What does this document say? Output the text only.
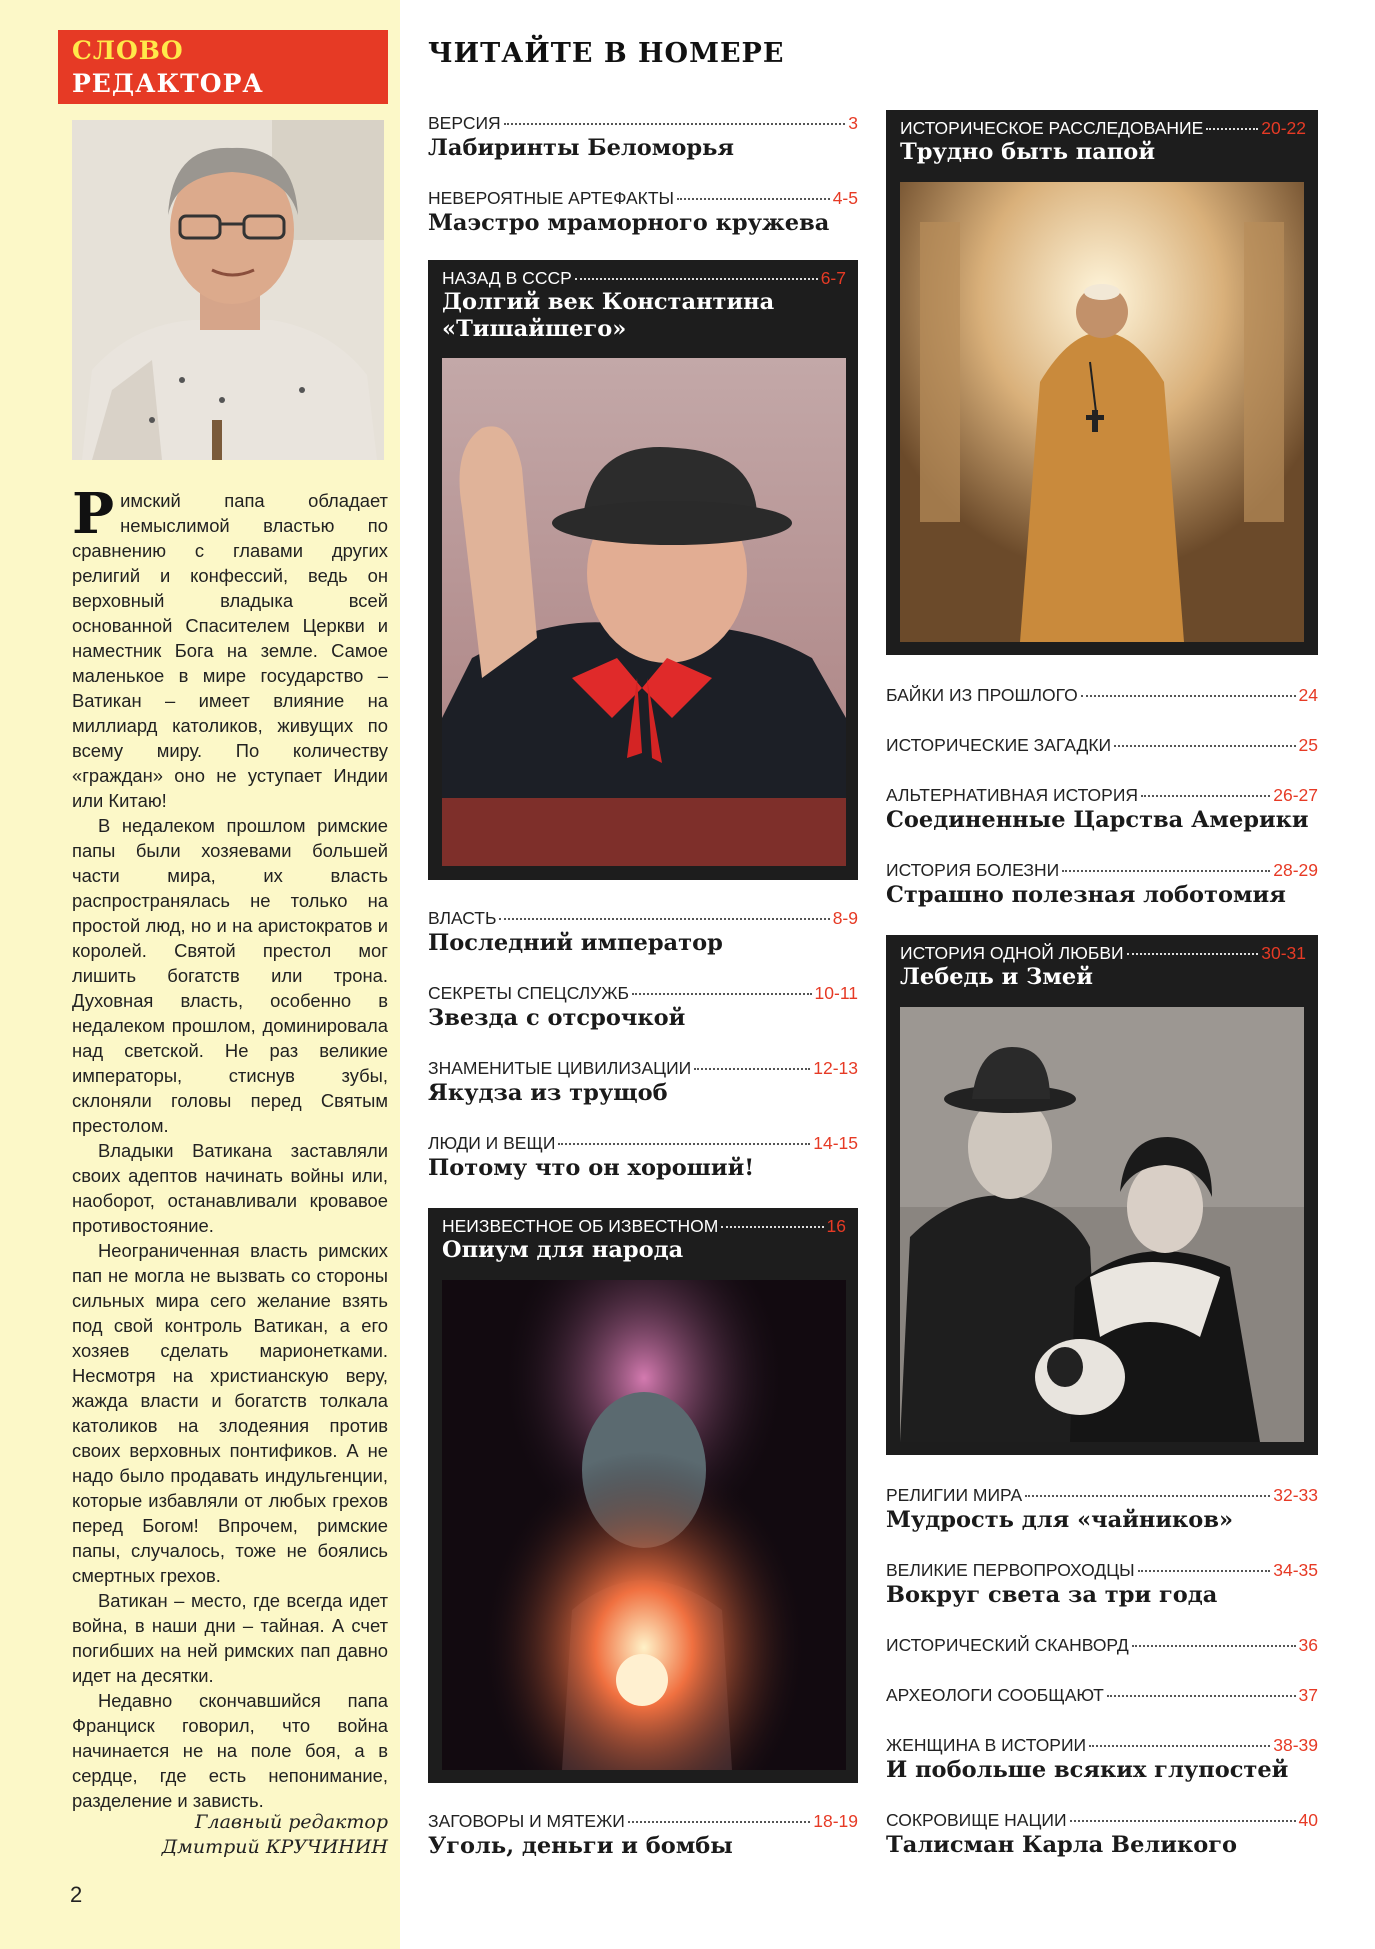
СЛОВО
РЕДАКТОРА

Римский папа обладает немыслимой властью по сравнению с главами других религий и конфессий, ведь он верховный владыка всей основанной Спасителем Церкви и наместник Бога на земле. Самое маленькое в мире государство – Ватикан – имеет влияние на миллиард католиков, живущих по всему миру. По количеству «граждан» оно не уступает Индии или Китаю!

В недалеком прошлом римские папы были хозяевами большей части мира, их власть распространялась не только на простой люд, но и на аристократов и королей. Святой престол мог лишить богатств или трона. Духовная власть, особенно в недалеком прошлом, доминировала над светской. Не раз великие императоры, стиснув зубы, склоняли головы перед Святым престолом.

Владыки Ватикана заставляли своих адептов начинать войны или, наоборот, останавливали кровавое противостояние.

Неограниченная власть римских пап не могла не вызвать со стороны сильных мира сего желание взять под свой контроль Ватикан, а его хозяев сделать марионетками. Несмотря на христианскую веру, жажда власти и богатств толкала католиков на злодеяния против своих верховных понтификов. А не надо было продавать индульгенции, которые избавляли от любых грехов перед Богом! Впрочем, римские папы, случалось, тоже не боялись смертных грехов.

Ватикан – место, где всегда идет война, в наши дни – тайная. А счет погибших на ней римских пап давно идет на десятки.

Недавно скончавшийся папа Франциск говорил, что война начинается не на поле боя, а в сердце, где есть непонимание, разделение и зависть.

Главный редактор
Дмитрий КРУЧИНИН
2
ЧИТАЙТЕ В НОМЕРЕ
ВЕРСИЯ	3
Лабиринты Беломорья
НЕВЕРОЯТНЫЕ АРТЕФАКТЫ	4-5
Маэстро мраморного кружева
НАЗАД В СССР	6-7
Долгий век Константина
«Тишайшего»
ВЛАСТЬ	8-9
Последний император
СЕКРЕТЫ СПЕЦСЛУЖБ	10-11
Звезда с отсрочкой
ЗНАМЕНИТЫЕ ЦИВИЛИЗАЦИИ	12-13
Якудза из трущоб
ЛЮДИ И ВЕЩИ	14-15
Потому что он хороший!
НЕИЗВЕСТНОЕ ОБ ИЗВЕСТНОМ	16
Опиум для народа
ЗАГОВОРЫ И МЯТЕЖИ	18-19
Уголь, деньги и бомбы
ИСТОРИЧЕСКОЕ РАССЛЕДОВАНИЕ	20-22
Трудно быть папой
БАЙКИ ИЗ ПРОШЛОГО	24
ИСТОРИЧЕСКИЕ ЗАГАДКИ	25
АЛЬТЕРНАТИВНАЯ ИСТОРИЯ	26-27
Соединенные Царства Америки
ИСТОРИЯ БОЛЕЗНИ	28-29
Страшно полезная лоботомия
ИСТОРИЯ ОДНОЙ ЛЮБВИ	30-31
Лебедь и Змей
РЕЛИГИИ МИРА	32-33
Мудрость для «чайников»
ВЕЛИКИЕ ПЕРВОПРОХОДЦЫ	34-35
Вокруг света за три года
ИСТОРИЧЕСКИЙ СКАНВОРД	36
АРХЕОЛОГИ СООБЩАЮТ	37
ЖЕНЩИНА В ИСТОРИИ	38-39
И побольше всяких глупостей
СОКРОВИЩЕ НАЦИИ	40
Талисман Карла Великого
